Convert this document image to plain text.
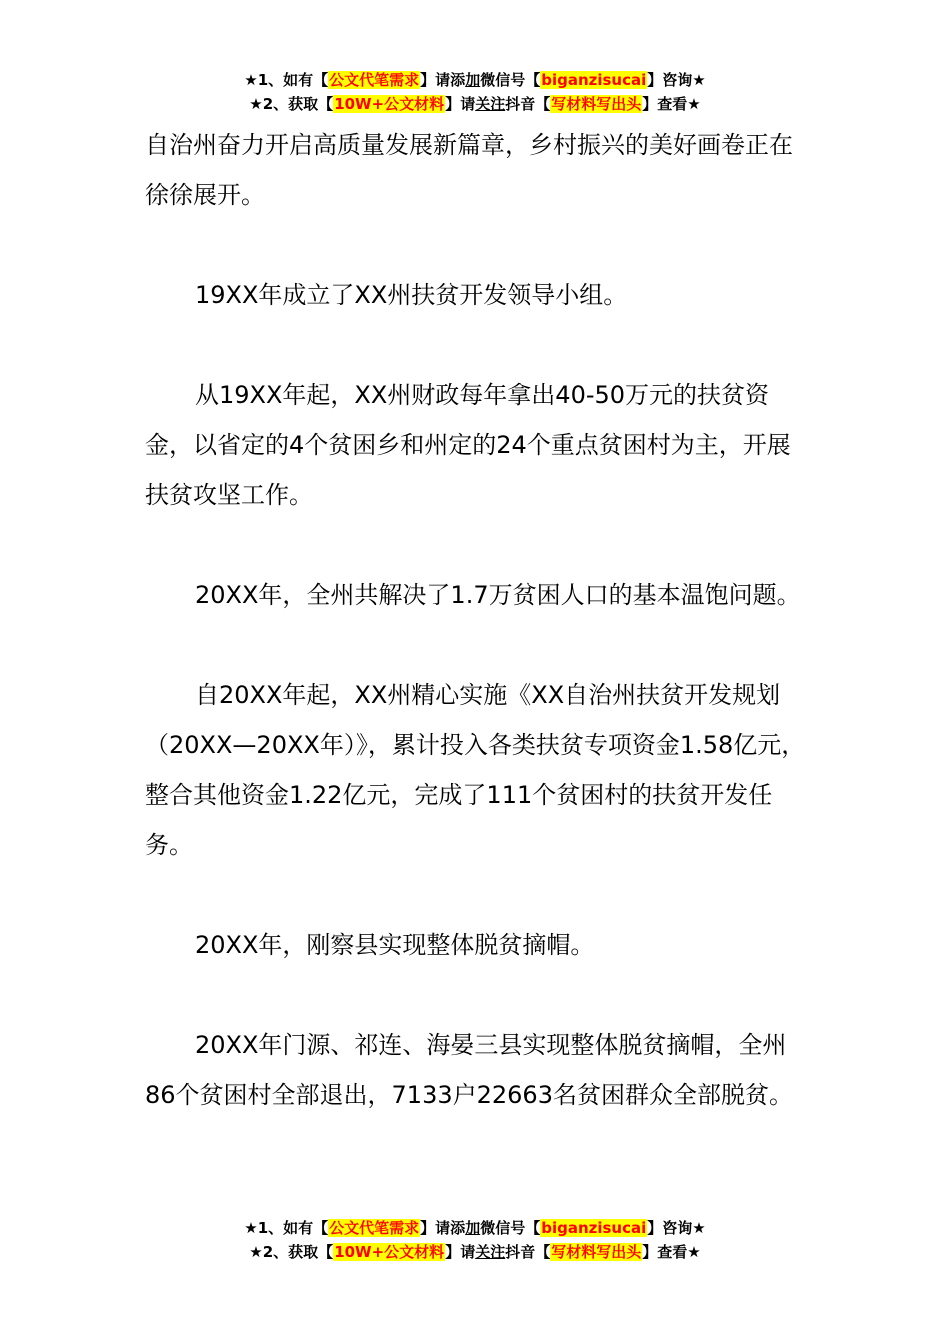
★1、如有【公文代笔需求】请添加微信号【biganzisucai】咨询★
★2、获取【10W+公文材料】请关注抖音【写材料写出头】查看★

自治州奋力开启高质量发展新篇章，乡村振兴的美好画卷正在徐徐展开。

19XX年成立了XX州扶贫开发领导小组。

从19XX年起，XX州财政每年拿出40-50万元的扶贫资金，以省定的4个贫困乡和州定的24个重点贫困村为主，开展扶贫攻坚工作。

20XX年，全州共解决了1.7万贫困人口的基本温饱问题。

自20XX年起，XX州精心实施《XX自治州扶贫开发规划（20XX—20XX年）》，累计投入各类扶贫专项资金1.58亿元，整合其他资金1.22亿元，完成了111个贫困村的扶贫开发任务。

20XX年，刚察县实现整体脱贫摘帽。

20XX年门源、祁连、海晏三县实现整体脱贫摘帽，全州86个贫困村全部退出，7133户22663名贫困群众全部脱贫。

★1、如有【公文代笔需求】请添加微信号【biganzisucai】咨询★
★2、获取【10W+公文材料】请关注抖音【写材料写出头】查看★
